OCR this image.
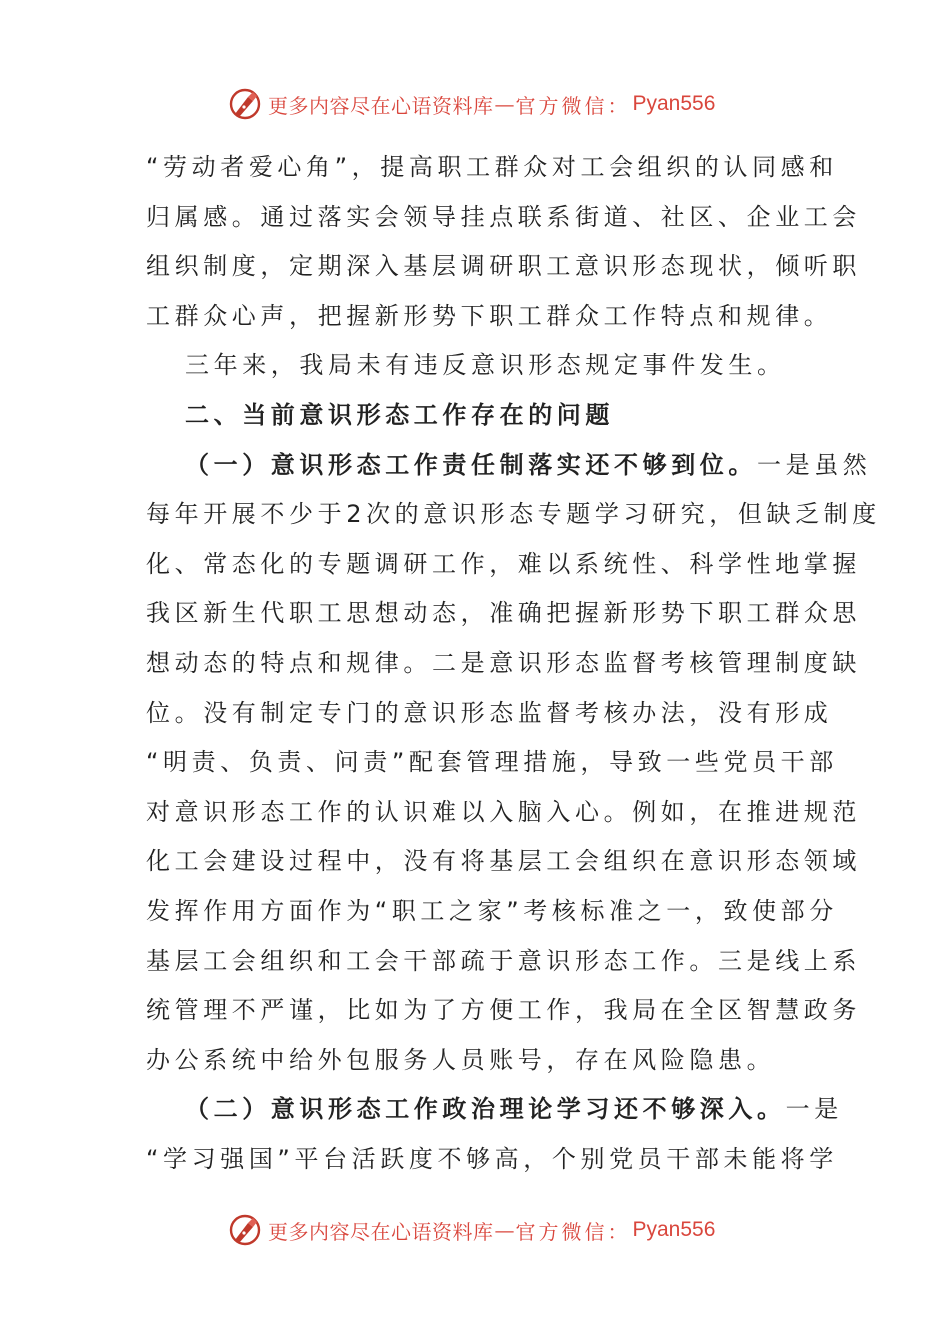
更多内容尽在心语资料库 — 官方微信： Pyan556
“劳动者爱心角”，提高职工群众对工会组织的认同感和
归属感。通过落实会领导挂点联系街道、社区、企业工会
组织制度，定期深入基层调研职工意识形态现状，倾听职
工群众心声，把握新形势下职工群众工作特点和规律。
三年来，我局未有违反意识形态规定事件发生。
二、当前意识形态工作存在的问题
（一）意识形态工作责任制落实还不够到位。一是虽然
每年开展不少于2次的意识形态专题学习研究，但缺乏制度
化、常态化的专题调研工作，难以系统性、科学性地掌握
我区新生代职工思想动态，准确把握新形势下职工群众思
想动态的特点和规律。二是意识形态监督考核管理制度缺
位。没有制定专门的意识形态监督考核办法，没有形成
“明责、负责、问责”配套管理措施，导致一些党员干部
对意识形态工作的认识难以入脑入心。例如，在推进规范
化工会建设过程中，没有将基层工会组织在意识形态领域
发挥作用方面作为“职工之家”考核标准之一，致使部分
基层工会组织和工会干部疏于意识形态工作。三是线上系
统管理不严谨，比如为了方便工作，我局在全区智慧政务
办公系统中给外包服务人员账号，存在风险隐患。
（二）意识形态工作政治理论学习还不够深入。一是
“学习强国”平台活跃度不够高，个别党员干部未能将学
更多内容尽在心语资料库 — 官方微信： Pyan556
